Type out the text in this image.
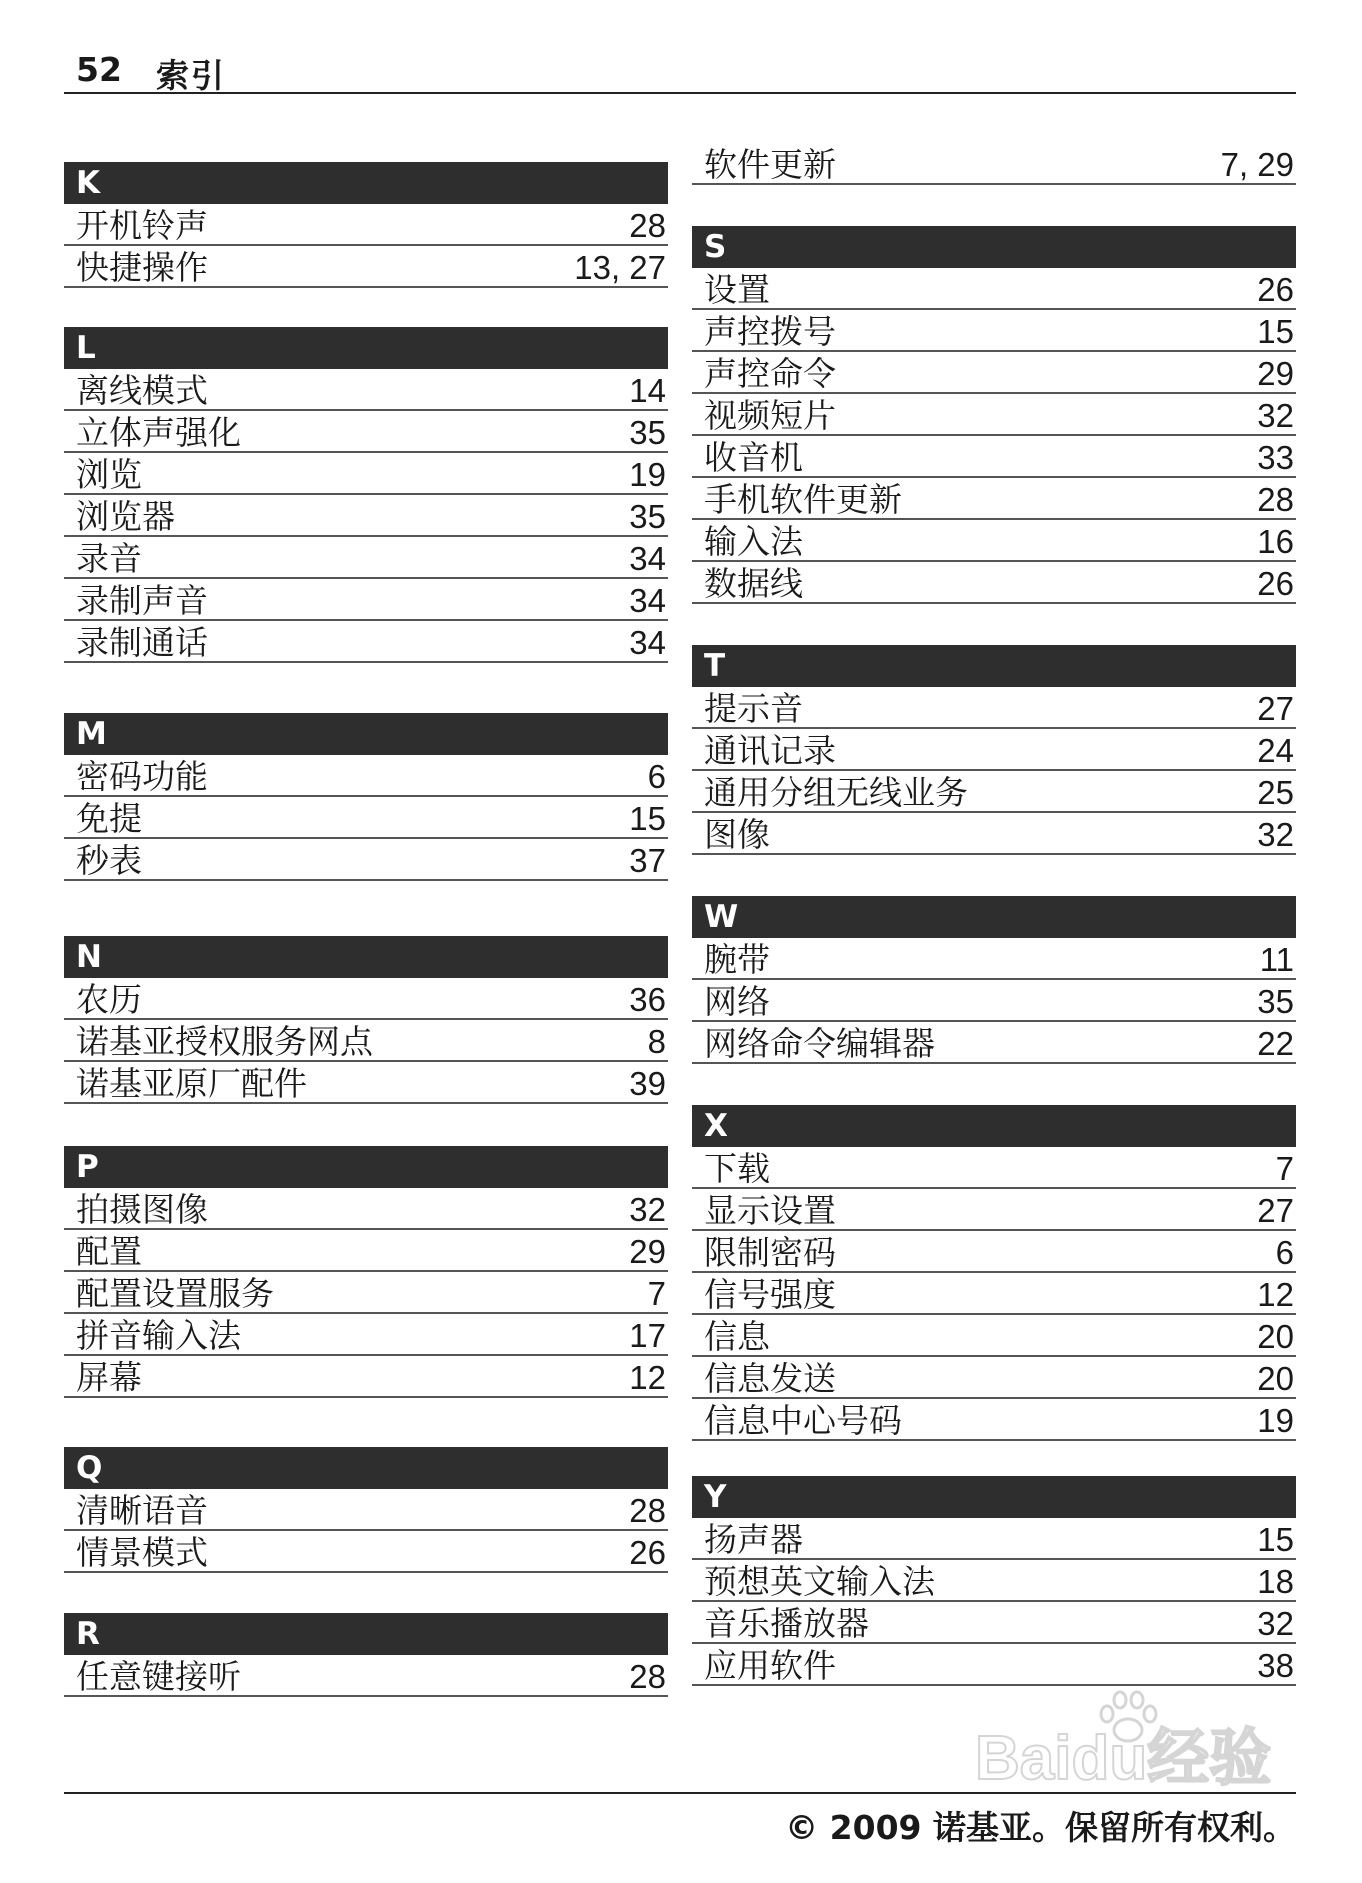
52 索引
K
开机铃声	28
快捷操作	13, 27
L
离线模式	14
立体声强化	35
浏览	19
浏览器	35
录音	34
录制声音	34
录制通话	34
M
密码功能	6
免提	15
秒表	37
N
农历	36
诺基亚授权服务网点	8
诺基亚原厂配件	39
P
拍摄图像	32
配置	29
配置设置服务	7
拼音输入法	17
屏幕	12
Q
清晰语音	28
情景模式	26
R
任意键接听	28
软件更新	7, 29
S
设置	26
声控拨号	15
声控命令	29
视频短片	32
收音机	33
手机软件更新	28
输入法	16
数据线	26
T
提示音	27
通讯记录	24
通用分组无线业务	25
图像	32
W
腕带	11
网络	35
网络命令编辑器	22
X
下载	7
显示设置	27
限制密码	6
信号强度	12
信息	20
信息发送	20
信息中心号码	19
Y
扬声器	15
预想英文输入法	18
音乐播放器	32
应用软件	38
© 2009 诺基亚。保留所有权利。
Baidu经验
